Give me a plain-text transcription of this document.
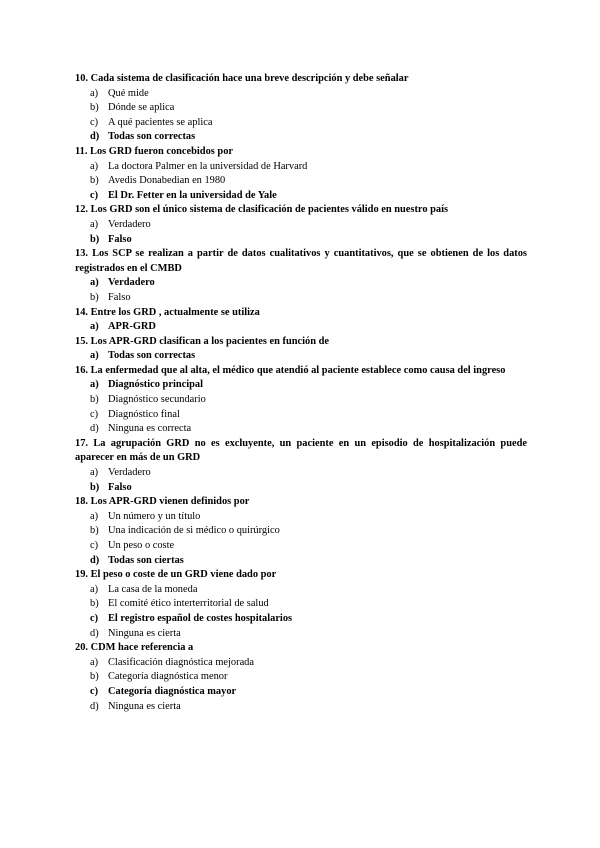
10. Cada sistema de clasificación hace una breve descripción y debe señalar
a) Qué mide
b) Dónde se aplica
c) A qué pacientes se aplica
d) Todas son correctas
11. Los GRD fueron concebidos por
a) La doctora Palmer en la universidad de Harvard
b) Avedis Donabedian en 1980
c) El Dr. Fetter en la universidad de Yale
12. Los GRD son el único sistema de clasificación de pacientes válido en nuestro país
a) Verdadero
b) Falso
13. Los SCP se realizan a partir de datos cualitativos y cuantitativos, que se obtienen de los datos registrados en el CMBD
a) Verdadero
b) Falso
14. Entre los GRD , actualmente se utiliza
a) APR-GRD
15. Los APR-GRD clasifican a los pacientes en función de
a) Todas son correctas
16. La enfermedad que al alta, el médico que atendió al paciente establece como causa del ingreso
a) Diagnóstico principal
b) Diagnóstico secundario
c) Diagnóstico final
d) Ninguna es correcta
17. La agrupación GRD no es excluyente, un paciente en un episodio de hospitalización puede aparecer en más de un GRD
a) Verdadero
b) Falso
18. Los APR-GRD vienen definidos por
a) Un número y un título
b) Una indicación de si médico o quirúrgico
c) Un peso o coste
d) Todas son ciertas
19. El peso o coste de un GRD viene dado por
a) La casa de la moneda
b) El comité ético interterritorial de salud
c) El registro español de costes hospitalarios
d) Ninguna es cierta
20. CDM hace referencia a
a) Clasificación diagnóstica mejorada
b) Categoría diagnóstica menor
c) Categoría diagnóstica mayor
d) Ninguna es cierta
